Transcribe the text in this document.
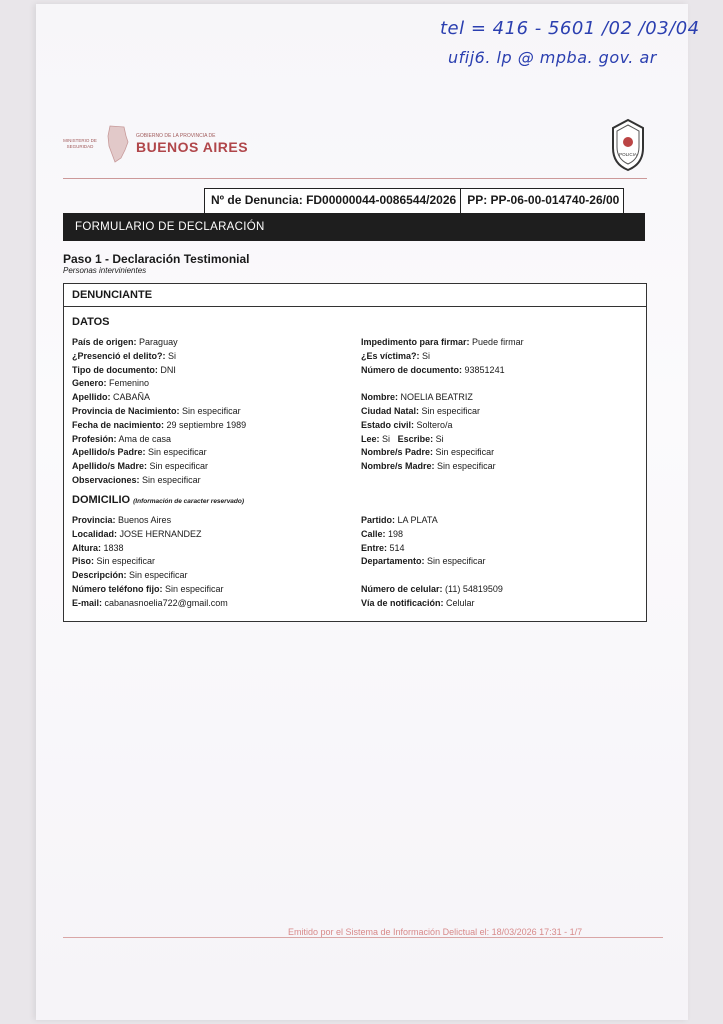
tel = 416 - 5601 /02 /03/04
ufij6. lp @ mpba. gov. ar
MINISTERIO DE SEGURIDAD
GOBIERNO DE LA PROVINCIA DE
BUENOS AIRES	POLICIA
Nº de Denuncia: FD00000044-0086544/2026 PP: PP-06-00-014740-26/00
FORMULARIO DE DECLARACIÓN
Paso 1 - Declaración Testimonial
Personas intervinientes
DENUNCIANTE
DATOS
País de origen: Paraguay
¿Presenció el delito?: Si
Tipo de documento: DNI
Genero: Femenino
Apellido: CABAÑA
Provincia de Nacimiento: Sin especificar
Fecha de nacimiento: 29 septiembre 1989
Profesión: Ama de casa
Apellido/s Padre: Sin especificar
Apellido/s Madre: Sin especificar
Observaciones: Sin especificar
Impedimento para firmar: Puede firmar
¿Es víctima?: Si
Número de documento: 93851241
Nombre: NOELIA BEATRIZ
Ciudad Natal: Sin especificar
Estado civil: Soltero/a
Lee: Si Escribe: Si
Nombre/s Padre: Sin especificar
Nombre/s Madre: Sin especificar
DOMICILIO (Información de caracter reservado)
Provincia: Buenos Aires
Localidad: JOSE HERNANDEZ
Altura: 1838
Piso: Sin especificar
Descripción: Sin especificar
Número teléfono fijo: Sin especificar
E-mail: cabanasnoelia722@gmail.com
Partido: LA PLATA
Calle: 198
Entre: 514
Departamento: Sin especificar
Número de celular: (11) 54819509
Vía de notificación: Celular
Emitido por el Sistema de Información Delictual el: 18/03/2026 17:31 - 1/7
